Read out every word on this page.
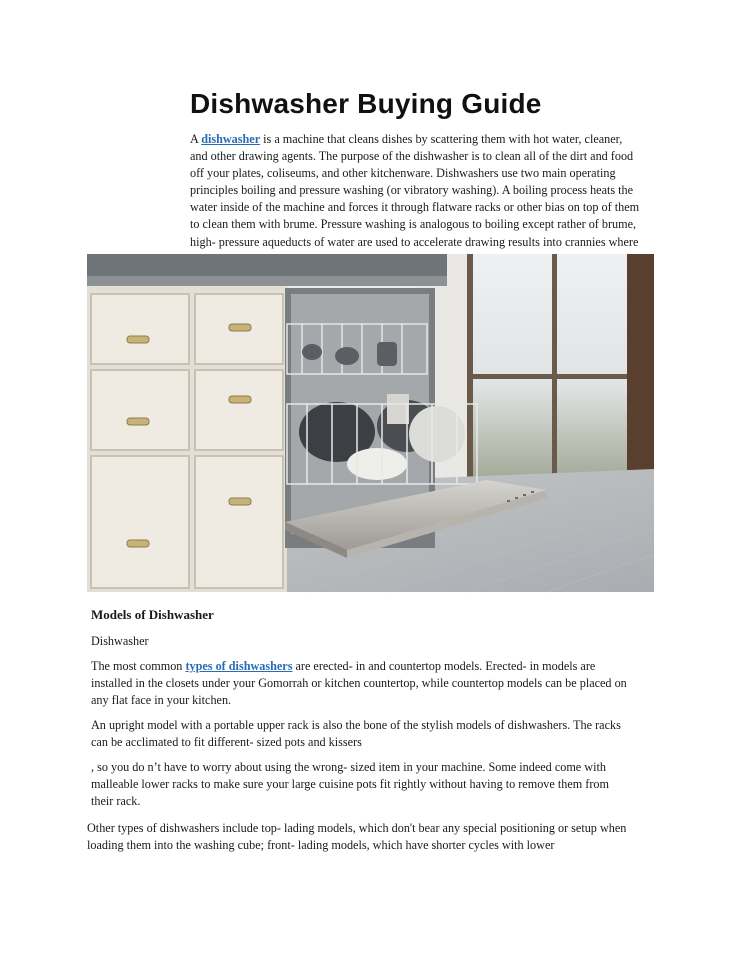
Dishwasher Buying Guide

A dishwasher is a machine that cleans dishes by scattering them with hot water, cleaner, and other drawing agents. The purpose of the dishwasher is to clean all of the dirt and food off your plates, coliseums, and other kitchenware. Dishwashers use two main operating principles boiling and pressure washing (or vibratory washing). A boiling process heats the water inside of the machine and forces it through flatware racks or other bias on top of them to clean them with brume. Pressure washing is analogous to boiling except rather of brume, high- pressure aqueducts of water are used to accelerate drawing results into crannies where

Models of Dishwasher
Dishwasher

The most common types of dishwashers are erected- in and countertop models. Erected- in models are installed in the closets under your Gomorrah or kitchen countertop, while countertop models can be placed on any flat face in your kitchen.

An upright model with a portable upper rack is also the bone of the stylish models of dishwashers. The racks can be acclimated to fit different- sized pots and kissers

, so you do n’t have to worry about using the wrong- sized item in your machine. Some indeed come with malleable lower racks to make sure your large cuisine pots fit rightly without having to remove them from their rack.

Other types of dishwashers include top- lading models, which don't bear any special positioning or setup when loading them into the washing cube; front- lading models, which have shorter cycles with lower
